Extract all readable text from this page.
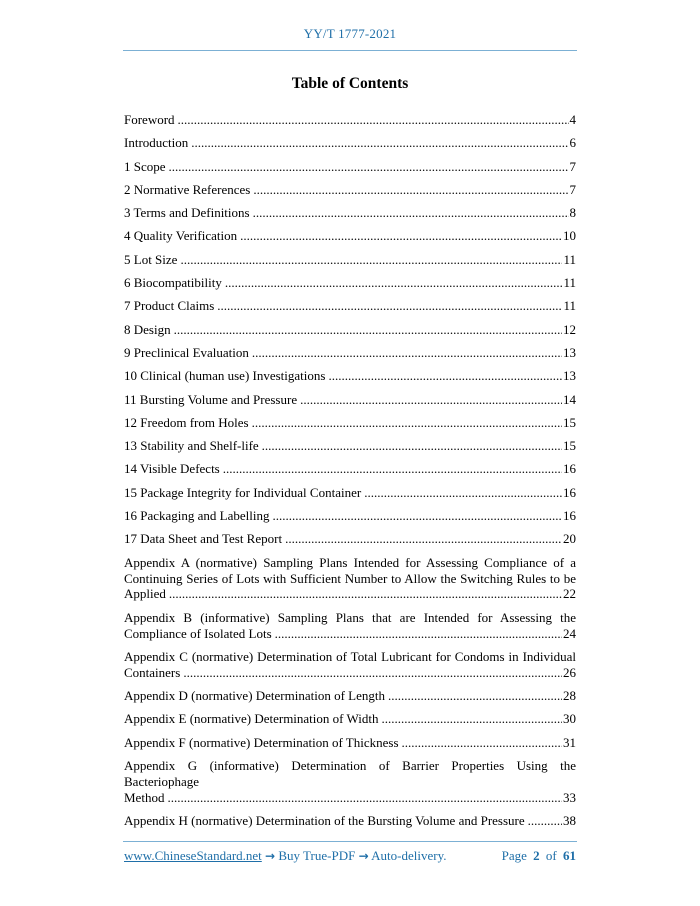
YY/T 1777-2021
Table of Contents
Foreword .....	4
Introduction .....	6
1 Scope .....	7
2 Normative References .....	7
3 Terms and Definitions .....	8
4 Quality Verification .....	10
5 Lot Size .....	11
6 Biocompatibility .....	11
7 Product Claims .....	11
8 Design .....	12
9 Preclinical Evaluation .....	13
10 Clinical (human use) Investigations .....	13
11 Bursting Volume and Pressure .....	14
12 Freedom from Holes .....	15
13 Stability and Shelf-life .....	15
14 Visible Defects .....	16
15 Package Integrity for Individual Container .....	16
16 Packaging and Labelling .....	16
17 Data Sheet and Test Report .....	20
Appendix A (normative) Sampling Plans Intended for Assessing Compliance of a
Continuing Series of Lots with Sufficient Number to Allow the Switching Rules to be
Applied .....	22
Appendix B (informative) Sampling Plans that are Intended for Assessing the
Compliance of Isolated Lots .....	24
Appendix C (normative) Determination of Total Lubricant for Condoms in Individual
Containers .....	26
Appendix D (normative) Determination of Length .....	28
Appendix E (normative) Determination of Width .....	30
Appendix F (normative) Determination of Thickness .....	31
Appendix G (informative) Determination of Barrier Properties Using the Bacteriophage
Method .....	33
Appendix H (normative) Determination of the Bursting Volume and Pressure .....	38
www.ChineseStandard.net → Buy True-PDF → Auto-delivery.	Page 2 of 61
